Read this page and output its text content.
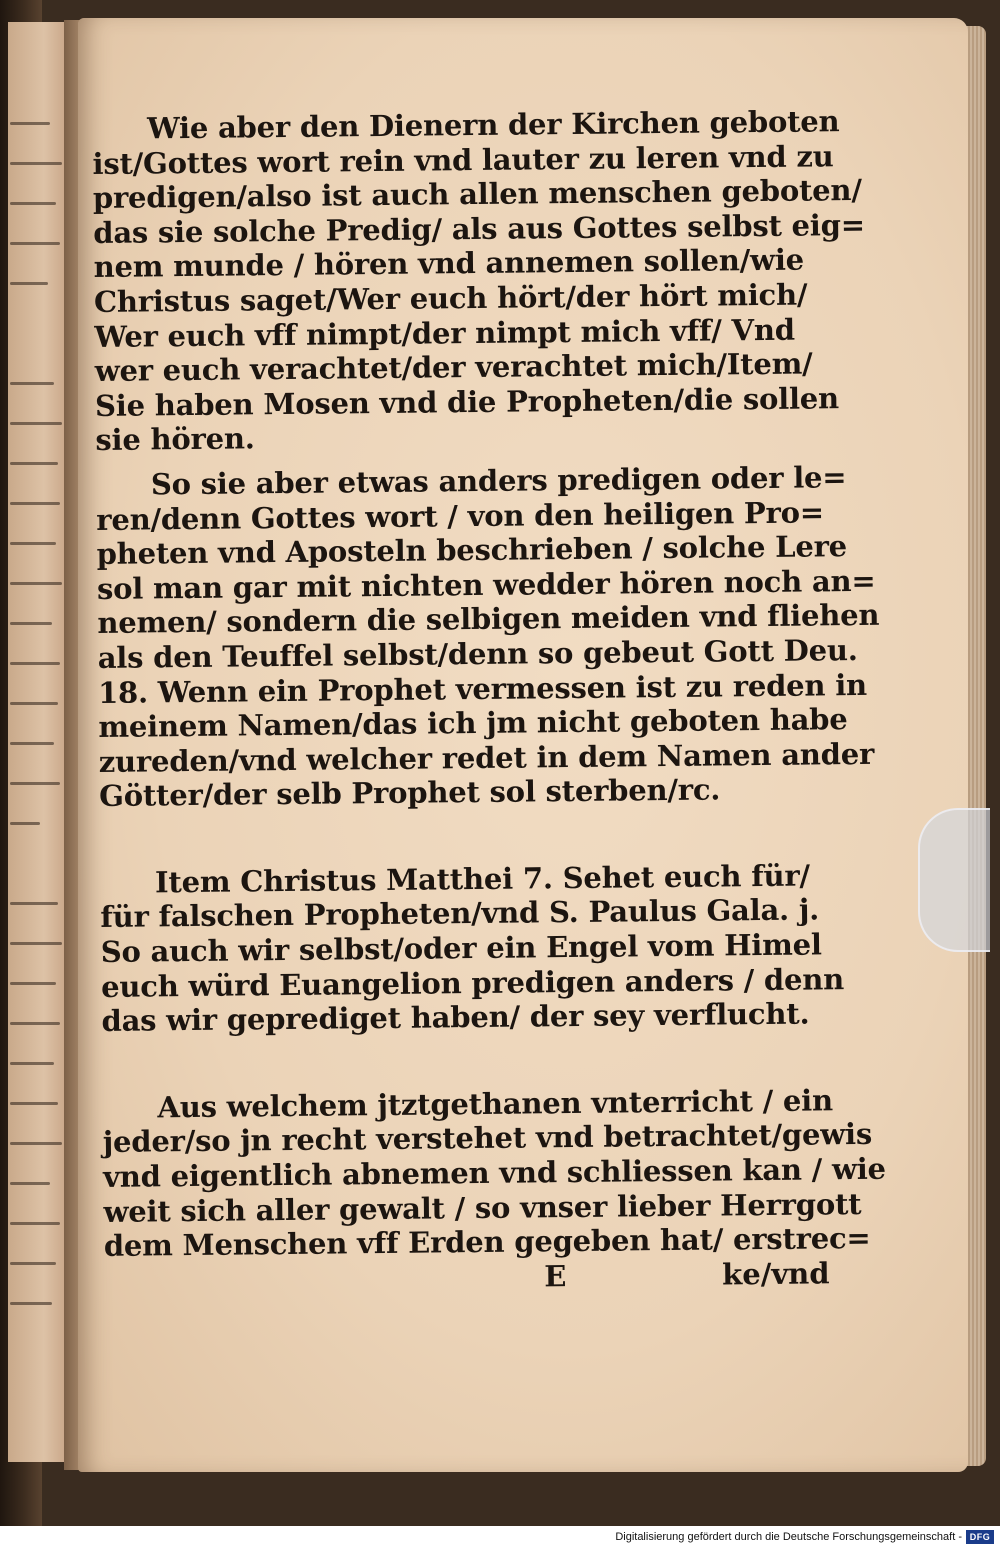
Wie aber den Dienern der Kirchen geboten
ist/Gottes wort rein vnd lauter zu leren vnd zu
predigen/also ist auch allen menschen geboten/
das sie solche Predig/ als aus Gottes selbst eig=
nem munde / hören vnd annemen sollen/wie
Christus saget/Wer euch hört/der hört mich/
Wer euch vff nimpt/der nimpt mich vff/ Vnd
wer euch verachtet/der verachtet mich/Item/
Sie haben Mosen vnd die Propheten/die sollen
sie hören.
So sie aber etwas anders predigen oder le=
ren/denn Gottes wort / von den heiligen Pro=
pheten vnd Aposteln beschrieben / solche Lere
sol man gar mit nichten wedder hören noch an=
nemen/ sondern die selbigen meiden vnd fliehen
als den Teuffel selbst/denn so gebeut Gott Deu.
18. Wenn ein Prophet vermessen ist zu reden in
meinem Namen/das ich jm nicht geboten habe
zureden/vnd welcher redet in dem Namen ander
Götter/der selb Prophet sol sterben/rc.
Item Christus Matthei 7. Sehet euch für/
für falschen Propheten/vnd S. Paulus Gala. j.
So auch wir selbst/oder ein Engel vom Himel
euch würd Euangelion predigen anders / denn
das wir geprediget haben/ der sey verflucht.
Aus welchem jtztgethanen vnterricht / ein
jeder/so jn recht verstehet vnd betrachtet/gewis
vnd eigentlich abnemen vnd schliessen kan / wie
weit sich aller gewalt / so vnser lieber Herrgott
dem Menschen vff Erden gegeben hat/ erstrec=
E	ke/vnd
Digitalisierung gefördert durch die Deutsche Forschungsgemeinschaft - DFG
